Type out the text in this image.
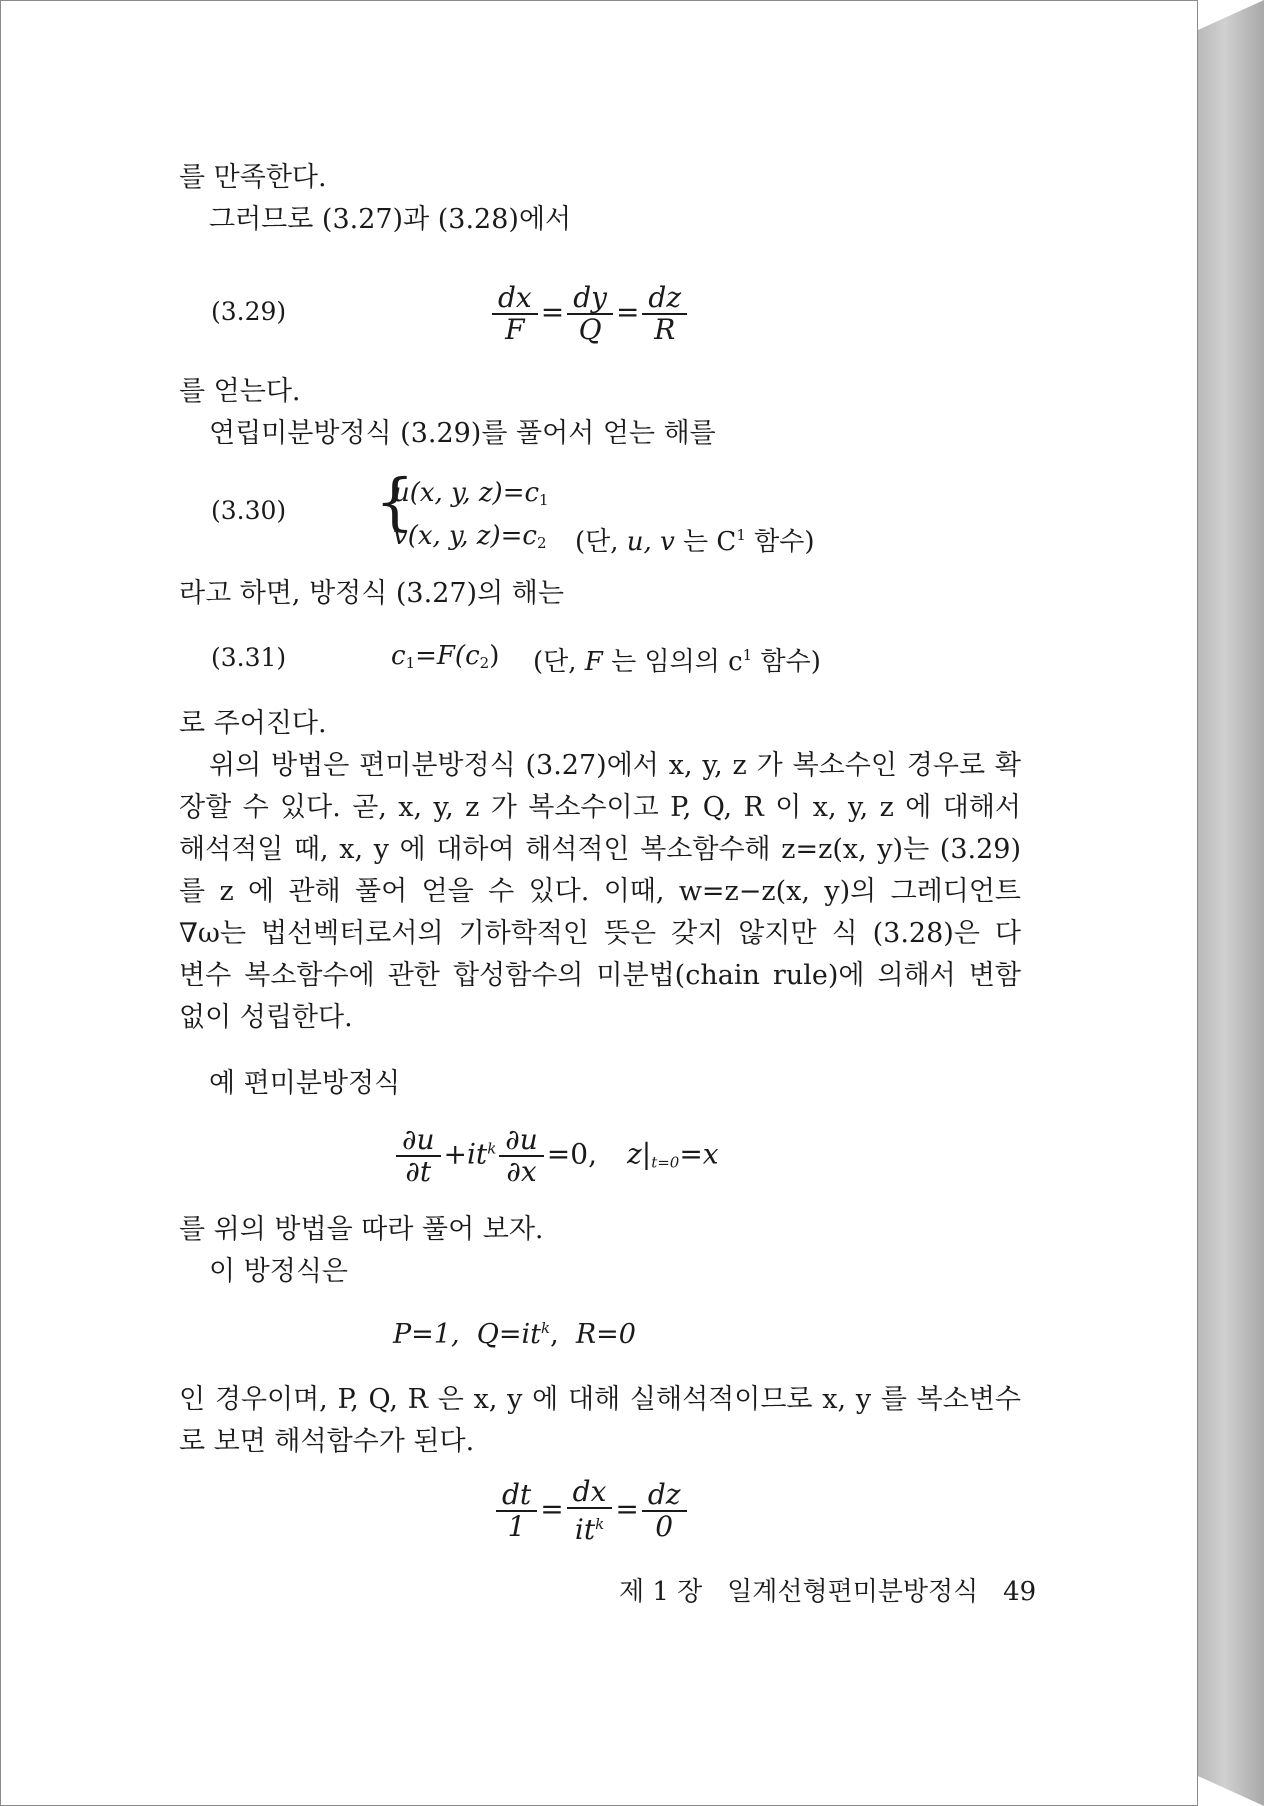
를 만족한다.
그러므로 (3.27)과 (3.28)에서
(3.29)	$\frac{dx}{F} = \frac{dy}{Q} = \frac{dz}{R}$
를 얻는다.
연립미분방정식 (3.29)를 풀어서 얻는 해를
(3.30) {
u(x, y, $z)=c_1$
v(x, y, $z)=c_2$ (단, u, v 는 $C^1$ 함수)
라고 하면, 방정식 (3.27)의 해는
(3.31)	$c_1=F(c_2)$ (단, F 는 임의의 $c^1$ 함수)
로 주어진다.
위의 방법은 편미분방정식 (3.27)에서 x, y, z 가 복소수인 경우로 확
장할 수 있다. 곧, x, y, z 가 복소수이고 P, Q, R 이 x, y, z 에 대해서
해석적일 때, x, y 에 대하여 해석적인 복소함수해 z=z(x, y)는 (3.29)
를 z 에 관해 풀어 얻을 수 있다. 이때, w=z−z(x, y)의 그레디언트
∇ω는 법선벡터로서의 기하학적인 뜻은 갖지 않지만 식 (3.28)은 다
변수 복소함수에 관한 합성함수의 미분법(chain rule)에 의해서 변함
없이 성립한다.
예 편미분방정식
$\frac{\partial u}{\partial t} +it^k \frac{\partial u}{\partial x} =0$, $z|_{t=0}=x$
를 위의 방법을 따라 풀어 보자.
이 방정식은
P=1, $Q=it^k$, R=0
인 경우이며, P, Q, R 은 x, y 에 대해 실해석적이므로 x, y 를 복소변수
로 보면 해석함수가 된다.
$\frac{dt}{1} = \frac{dx}{it^k} = \frac{dz}{0}$
제 1 장 일계선형편미분방정식 49
